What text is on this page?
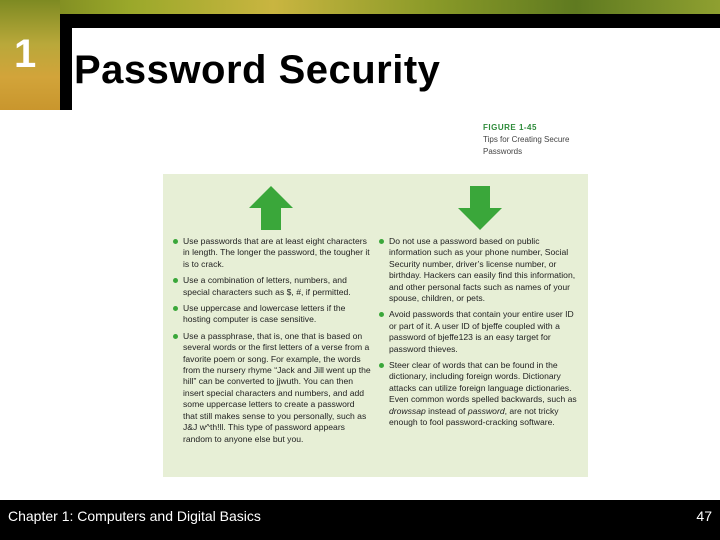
1 Password Security
FIGURE 1-45
Tips for Creating Secure
Passwords
Use passwords that are at least eight characters in length. The longer the password, the tougher it is to crack.
Use a combination of letters, numbers, and special characters such as $, #, if permitted.
Use uppercase and lowercase letters if the hosting computer is case sensitive.
Use a passphrase, that is, one that is based on several words or the first letters of a verse from a favorite poem or song. For example, the words from the nursery rhyme “Jack and Jill went up the hill” can be converted to jjwuth. You can then insert special characters and numbers, and add some uppercase letters to create a password that still makes sense to you personally, such as J&J w^th!ll. This type of password appears random to anyone else but you.
Do not use a password based on public information such as your phone number, Social Security number, driver’s license number, or birthday. Hackers can easily find this information, and other personal facts such as names of your spouse, children, or pets.
Avoid passwords that contain your entire user ID or part of it. A user ID of bjeffe coupled with a password of bjeffe123 is an easy target for password thieves.
Steer clear of words that can be found in the dictionary, including foreign words. Dictionary attacks can utilize foreign language dictionaries. Even common words spelled backwards, such as drowssap instead of password, are not tricky enough to fool password-cracking software.
Chapter 1: Computers and Digital Basics	47
